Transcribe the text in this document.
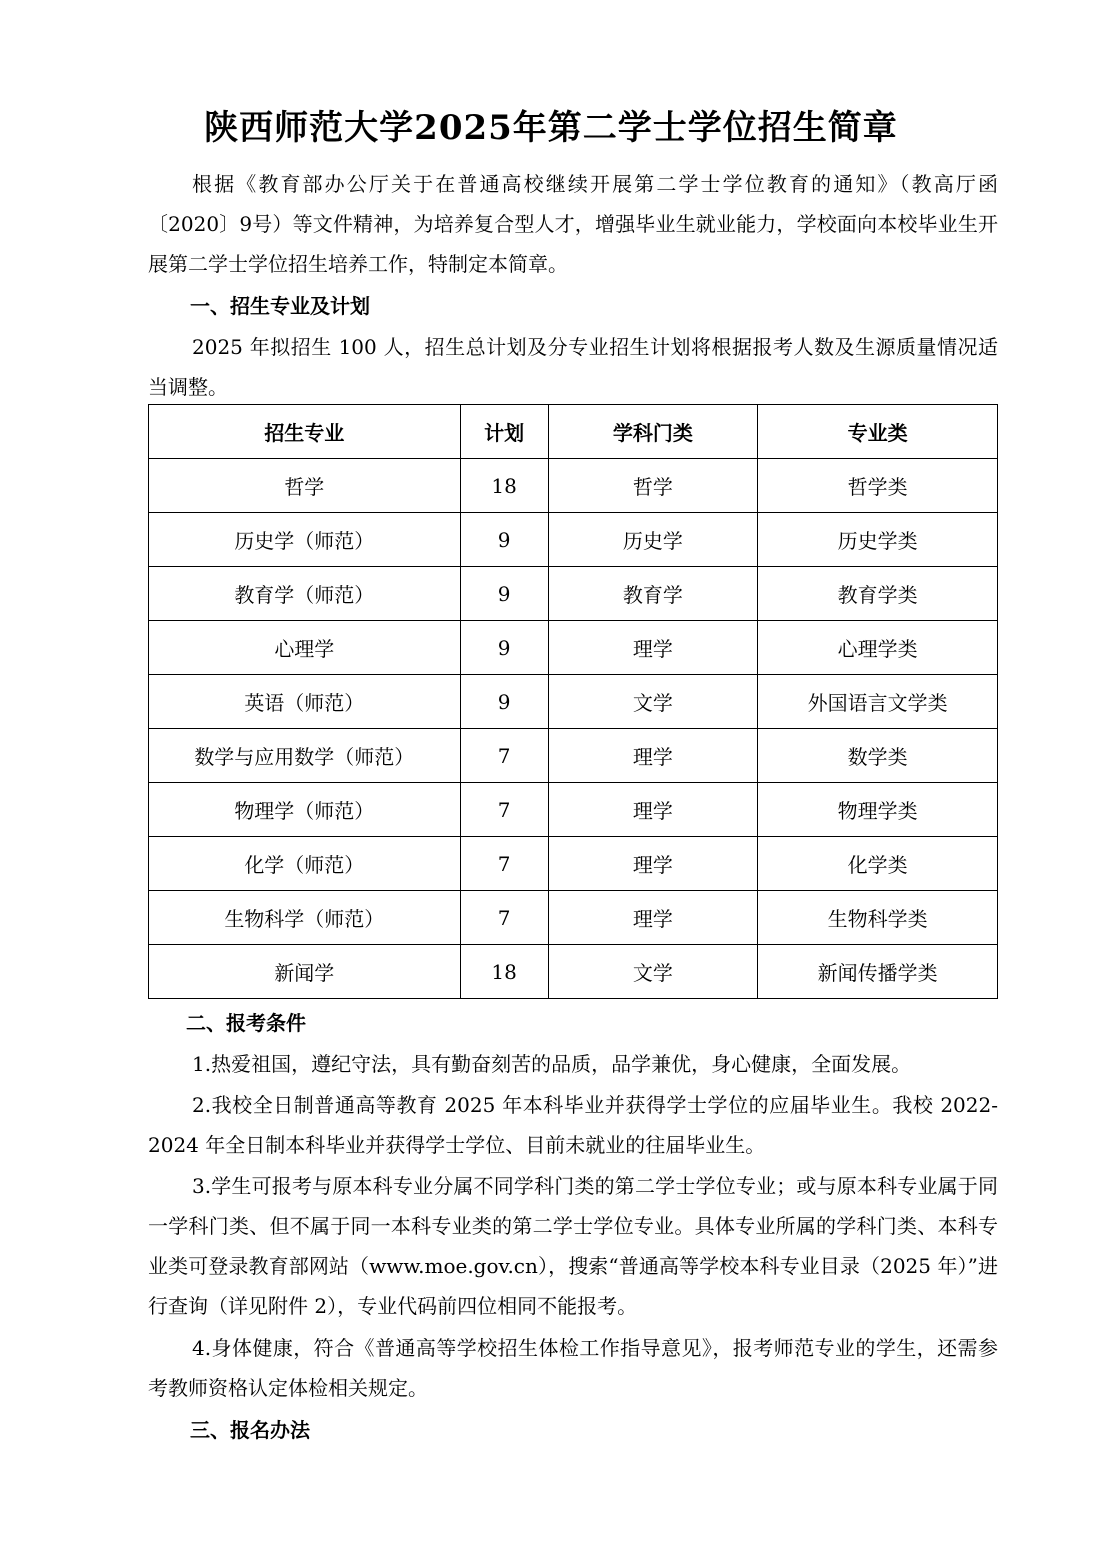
陕西师范大学2025年第二学士学位招生简章

根据《教育部办公厅关于在普通高校继续开展第二学士学位教育的通知》（教高厅函〔2020〕9号）等文件精神，为培养复合型人才，增强毕业生就业能力，学校面向本校毕业生开展第二学士学位招生培养工作，特制定本简章。

一、招生专业及计划

2025 年拟招生 100 人，招生总计划及分专业招生计划将根据报考人数及生源质量情况适当调整。

招生专业	计划	学科门类	专业类
哲学	18	哲学	哲学类
历史学（师范）	9	历史学	历史学类
教育学（师范）	9	教育学	教育学类
心理学	9	理学	心理学类
英语（师范）	9	文学	外国语言文学类
数学与应用数学（师范）	7	理学	数学类
物理学（师范）	7	理学	物理学类
化学（师范）	7	理学	化学类
生物科学（师范）	7	理学	生物科学类
新闻学	18	文学	新闻传播学类
二、报考条件

1.热爱祖国，遵纪守法，具有勤奋刻苦的品质，品学兼优，身心健康，全面发展。

2.我校全日制普通高等教育 2025 年本科毕业并获得学士学位的应届毕业生。我校 2022-2024 年全日制本科毕业并获得学士学位、目前未就业的往届毕业生。

3.学生可报考与原本科专业分属不同学科门类的第二学士学位专业；或与原本科专业属于同一学科门类、但不属于同一本科专业类的第二学士学位专业。具体专业所属的学科门类、本科专业类可登录教育部网站（www.moe.gov.cn），搜索“普通高等学校本科专业目录（2025 年）”进行查询（详见附件 2），专业代码前四位相同不能报考。

4.身体健康，符合《普通高等学校招生体检工作指导意见》，报考师范专业的学生，还需参考教师资格认定体检相关规定。

三、报名办法
